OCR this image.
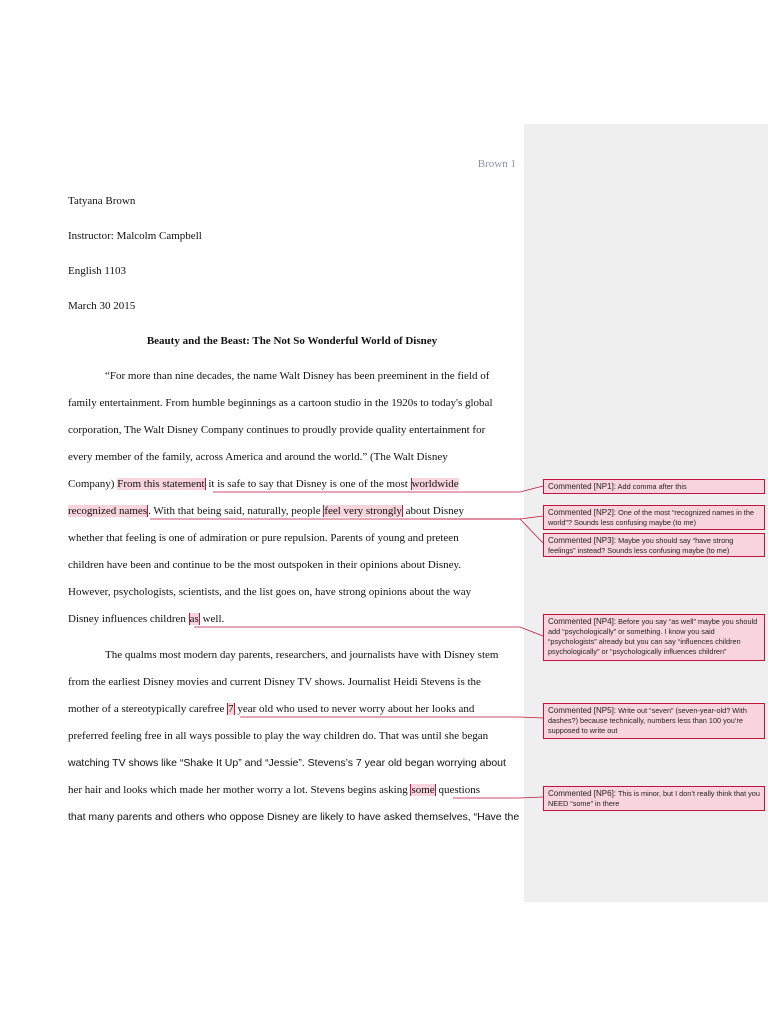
Brown 1
Tatyana Brown
Instructor: Malcolm Campbell
English 1103
March 30 2015
Beauty and the Beast: The Not So Wonderful World of Disney
“For more than nine decades, the name Walt Disney has been preeminent in the field of
family entertainment. From humble beginnings as a cartoon studio in the 1920s to today's global
corporation, The Walt Disney Company continues to proudly provide quality entertainment for
every member of the family, across America and around the world.” (The Walt Disney
Company) From this statement it is safe to say that Disney is one of the most worldwide
recognized names. With that being said, naturally, people feel very strongly about Disney
whether that feeling is one of admiration or pure repulsion. Parents of young and preteen
children have been and continue to be the most outspoken in their opinions about Disney.
However, psychologists, scientists, and the list goes on, have strong opinions about the way
Disney influences children as well.
The qualms most modern day parents, researchers, and journalists have with Disney stem
from the earliest Disney movies and current Disney TV shows. Journalist Heidi Stevens is the
mother of a stereotypically carefree 7 year old who used to never worry about her looks and
preferred feeling free in all ways possible to play the way children do. That was until she began
watching TV shows like “Shake It Up” and “Jessie”. Stevens’s 7 year old began worrying about
her hair and looks which made her mother worry a lot. Stevens begins asking some questions
that many parents and others who oppose Disney are likely to have asked themselves, “Have the
Commented [NP1]: Add comma after this
Commented [NP2]: One of the most “recognized names in the world”? Sounds less confusing maybe (to me)
Commented [NP3]: Maybe you should say “have strong feelings” instead? Sounds less confusing maybe (to me)
Commented [NP4]: Before you say “as well” maybe you should add “psychologically” or something. I know you said “psychologists” already but you can say “influences children psychologically” or “psychologically influences children”
Commented [NP5]: Write out “seven” (seven-year-old? With dashes?) because technically, numbers less than 100 you’re supposed to write out
Commented [NP6]: This is minor, but I don’t really think that you NEED “some” in there
